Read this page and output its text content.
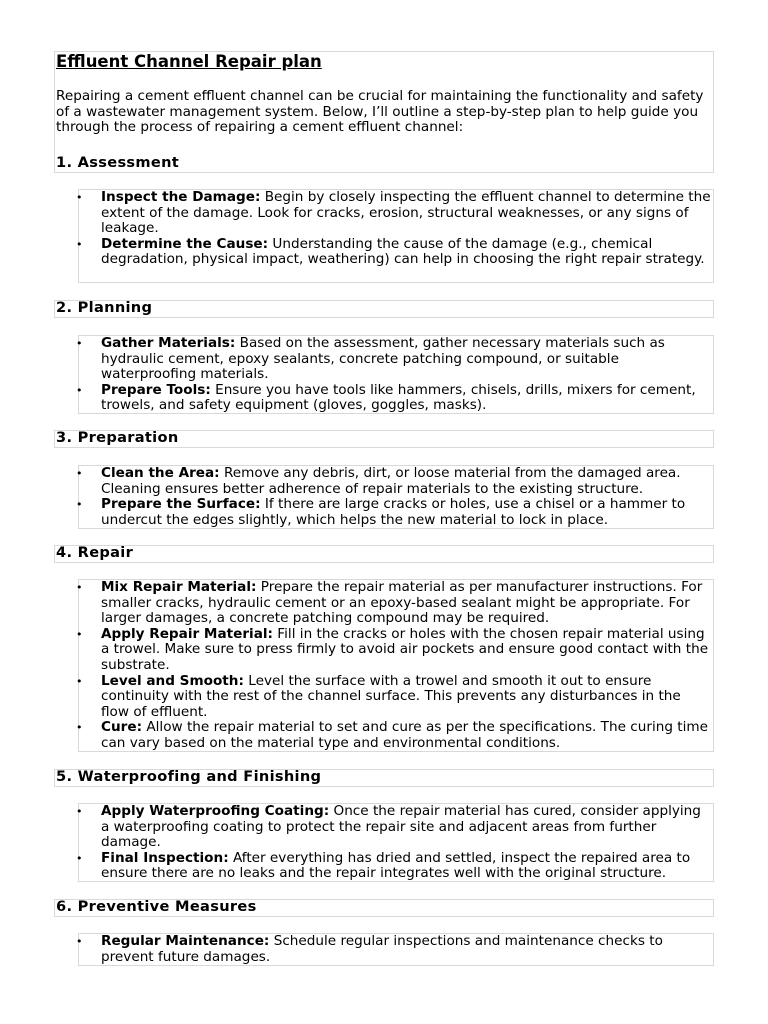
Effluent Channel Repair plan

Repairing a cement effluent channel can be crucial for maintaining the functionality and safety of a wastewater management system. Below, I’ll outline a step-by-step plan to help guide you through the process of repairing a cement effluent channel:

1. Assessment
• Inspect the Damage: Begin by closely inspecting the effluent channel to determine the extent of the damage. Look for cracks, erosion, structural weaknesses, or any signs of leakage.
• Determine the Cause: Understanding the cause of the damage (e.g., chemical degradation, physical impact, weathering) can help in choosing the right repair strategy.
2. Planning
• Gather Materials: Based on the assessment, gather necessary materials such as hydraulic cement, epoxy sealants, concrete patching compound, or suitable waterproofing materials.
• Prepare Tools: Ensure you have tools like hammers, chisels, drills, mixers for cement, trowels, and safety equipment (gloves, goggles, masks).
3. Preparation
• Clean the Area: Remove any debris, dirt, or loose material from the damaged area. Cleaning ensures better adherence of repair materials to the existing structure.
• Prepare the Surface: If there are large cracks or holes, use a chisel or a hammer to undercut the edges slightly, which helps the new material to lock in place.
4. Repair
• Mix Repair Material: Prepare the repair material as per manufacturer instructions. For smaller cracks, hydraulic cement or an epoxy-based sealant might be appropriate. For larger damages, a concrete patching compound may be required.
• Apply Repair Material: Fill in the cracks or holes with the chosen repair material using a trowel. Make sure to press firmly to avoid air pockets and ensure good contact with the substrate.
• Level and Smooth: Level the surface with a trowel and smooth it out to ensure continuity with the rest of the channel surface. This prevents any disturbances in the flow of effluent.
• Cure: Allow the repair material to set and cure as per the specifications. The curing time can vary based on the material type and environmental conditions.
5. Waterproofing and Finishing
• Apply Waterproofing Coating: Once the repair material has cured, consider applying a waterproofing coating to protect the repair site and adjacent areas from further damage.
• Final Inspection: After everything has dried and settled, inspect the repaired area to ensure there are no leaks and the repair integrates well with the original structure.
6. Preventive Measures
• Regular Maintenance: Schedule regular inspections and maintenance checks to prevent future damages.
